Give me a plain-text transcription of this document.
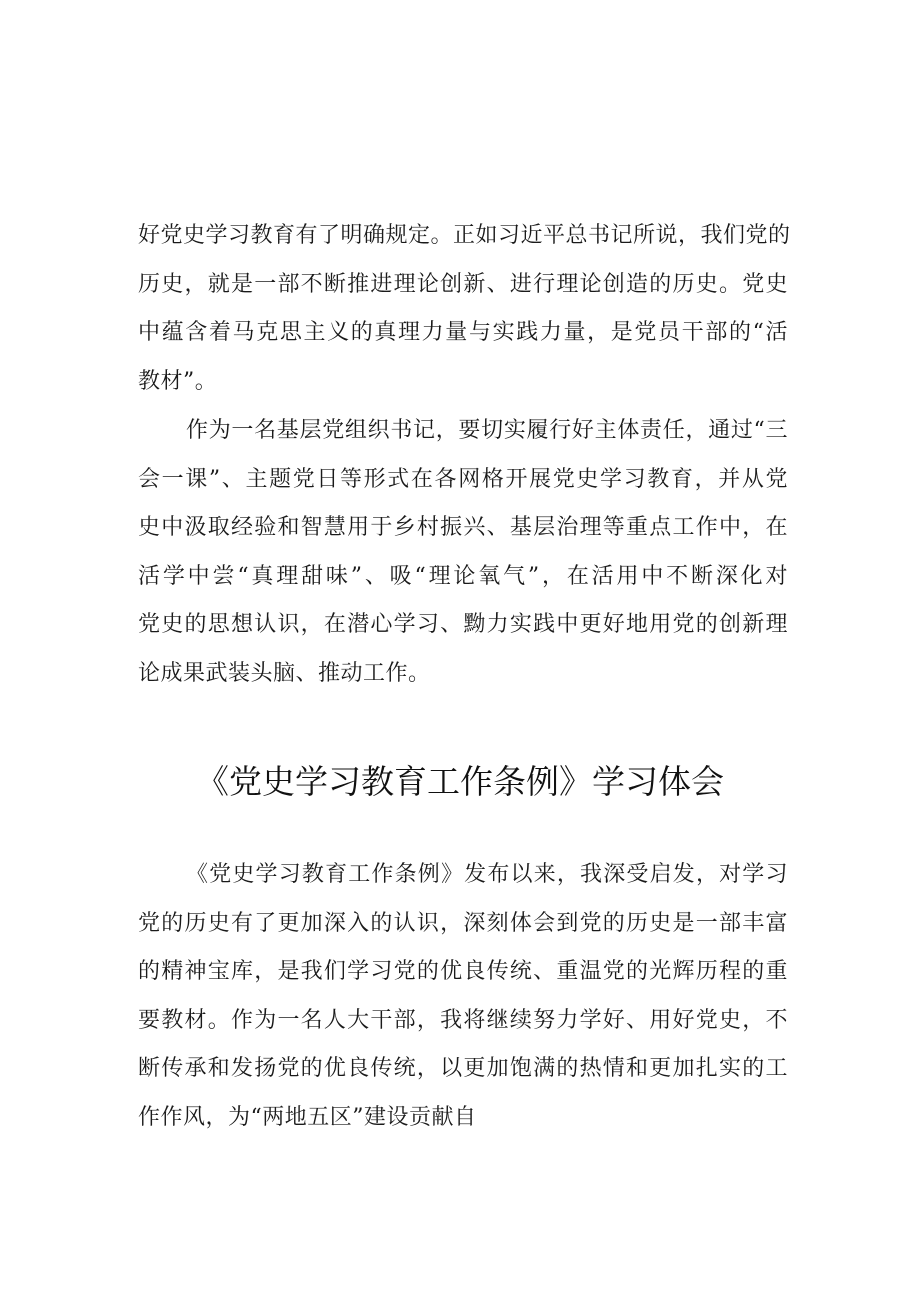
好党史学习教育有了明确规定。正如习近平总书记所说，我们党的
历史，就是一部不断推进理论创新、进行理论创造的历史。党史
中蕴含着马克思主义的真理力量与实践力量，是党员干部的“活
教材”。
作为一名基层党组织书记，要切实履行好主体责任，通过“三
会一课”、主题党日等形式在各网格开展党史学习教育，并从党
史中汲取经验和智慧用于乡村振兴、基层治理等重点工作中，在
活学中尝“真理甜味”、吸“理论氧气”，在活用中不断深化对
党史的思想认识，在潜心学习、黝力实践中更好地用党的创新理
论成果武装头脑、推动工作。
《党史学习教育工作条例》学习体会
《党史学习教育工作条例》发布以来，我深受启发，对学习
党的历史有了更加深入的认识，深刻体会到党的历史是一部丰富
的精神宝库，是我们学习党的优良传统、重温党的光辉历程的重
要教材。作为一名人大干部，我将继续努力学好、用好党史，不
断传承和发扬党的优良传统，以更加饱满的热情和更加扎实的工
作作风，为“两地五区”建设贡献自
